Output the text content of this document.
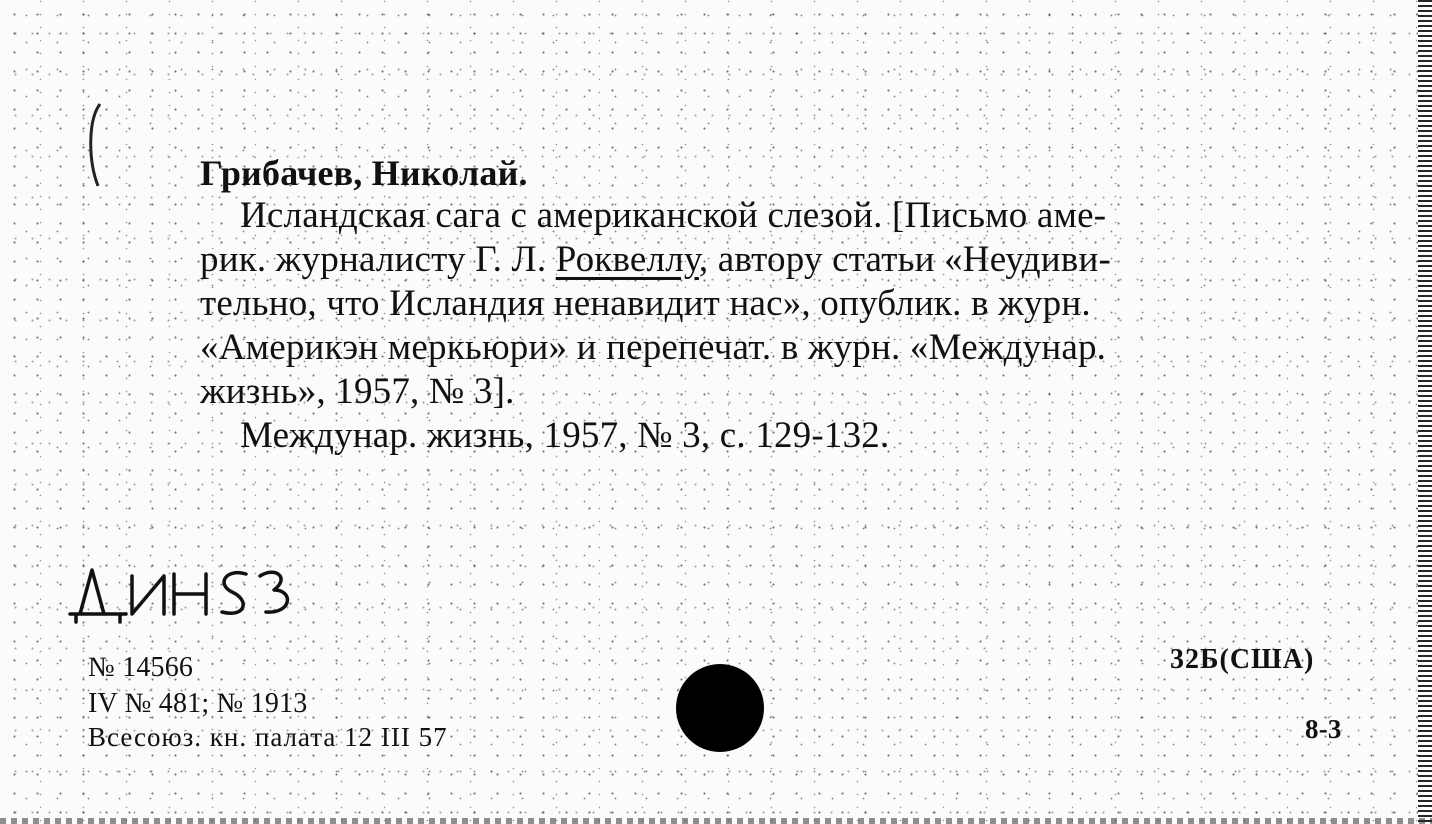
Грибачев, Николай.
Исландская сага с американской слезой. [Письмо аме-
рик. журналисту Г. Л. Роквеллу, автору статьи «Неудиви-
тельно, что Исландия ненавидит нас», опублик. в журн.
«Америкэн меркьюри» и перепечат. в журн. «Междунар.
жизнь», 1957, № 3].
Междунар. жизнь, 1957, № 3, с. 129-132.
№ 14566
IV № 481; № 1913
Всесоюз. кн. палата 12 III 57
32Б(США)
8-3
